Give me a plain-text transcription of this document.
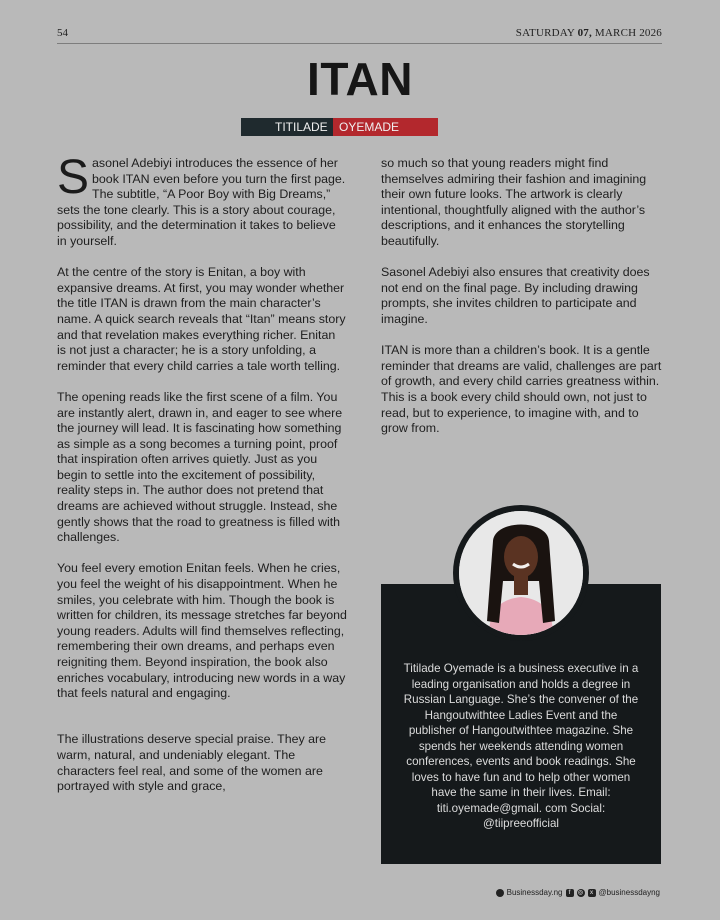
54	SATURDAY 07, MARCH 2026
ITAN
TITILADE OYEMADE

Sasonel Adebiyi introduces the essence of her book ITAN even before you turn the first page. The subtitle, “A Poor Boy with Big Dreams,” sets the tone clearly. This is a story about courage, possibility, and the determination it takes to believe in yourself.

At the centre of the story is Enitan, a boy with expansive dreams. At first, you may wonder whether the title ITAN is drawn from the main character’s name. A quick search reveals that “Itan” means story and that revelation makes everything richer. Enitan is not just a character; he is a story unfolding, a reminder that every child carries a tale worth telling.

The opening reads like the first scene of a film. You are instantly alert, drawn in, and eager to see where the journey will lead. It is fascinating how something as simple as a song becomes a turning point, proof that inspiration often arrives quietly. Just as you begin to settle into the excitement of possibility, reality steps in. The author does not pretend that dreams are achieved without struggle. Instead, she gently shows that the road to greatness is filled with challenges.

You feel every emotion Enitan feels. When he cries, you feel the weight of his disappointment. When he smiles, you celebrate with him. Though the book is written for children, its message stretches far beyond young readers. Adults will find themselves reflecting, remembering their own dreams, and perhaps even reigniting them. Beyond inspiration, the book also enriches vocabulary, introducing new words in a way that feels natural and engaging.

The illustrations deserve special praise. They are warm, natural, and undeniably elegant. The characters feel real, and some of the women are portrayed with style and grace,

so much so that young readers might find themselves admiring their fashion and imagining their own future looks. The artwork is clearly intentional, thoughtfully aligned with the author’s descriptions, and it enhances the storytelling beautifully.

Sasonel Adebiyi also ensures that creativity does not end on the final page. By including drawing prompts, she invites children to participate and imagine.

ITAN is more than a children’s book. It is a gentle reminder that dreams are valid, challenges are part of growth, and every child carries greatness within. This is a book every child should own, not just to read, but to experience, to imagine with, and to grow from.

Titilade Oyemade is a business executive in a leading organisation and holds a degree in Russian Language. She’s the convener of the Hangoutwithtee Ladies Event and the publisher of Hangoutwithtee magazine. She spends her weekends attending women conferences, events and book readings. She loves to have fun and to help other women have the same in their lives. Email: titi.oyemade@gmail. com Social: @tiipreeofficial
Businessday.ng	f	◎	x @businessdayng
